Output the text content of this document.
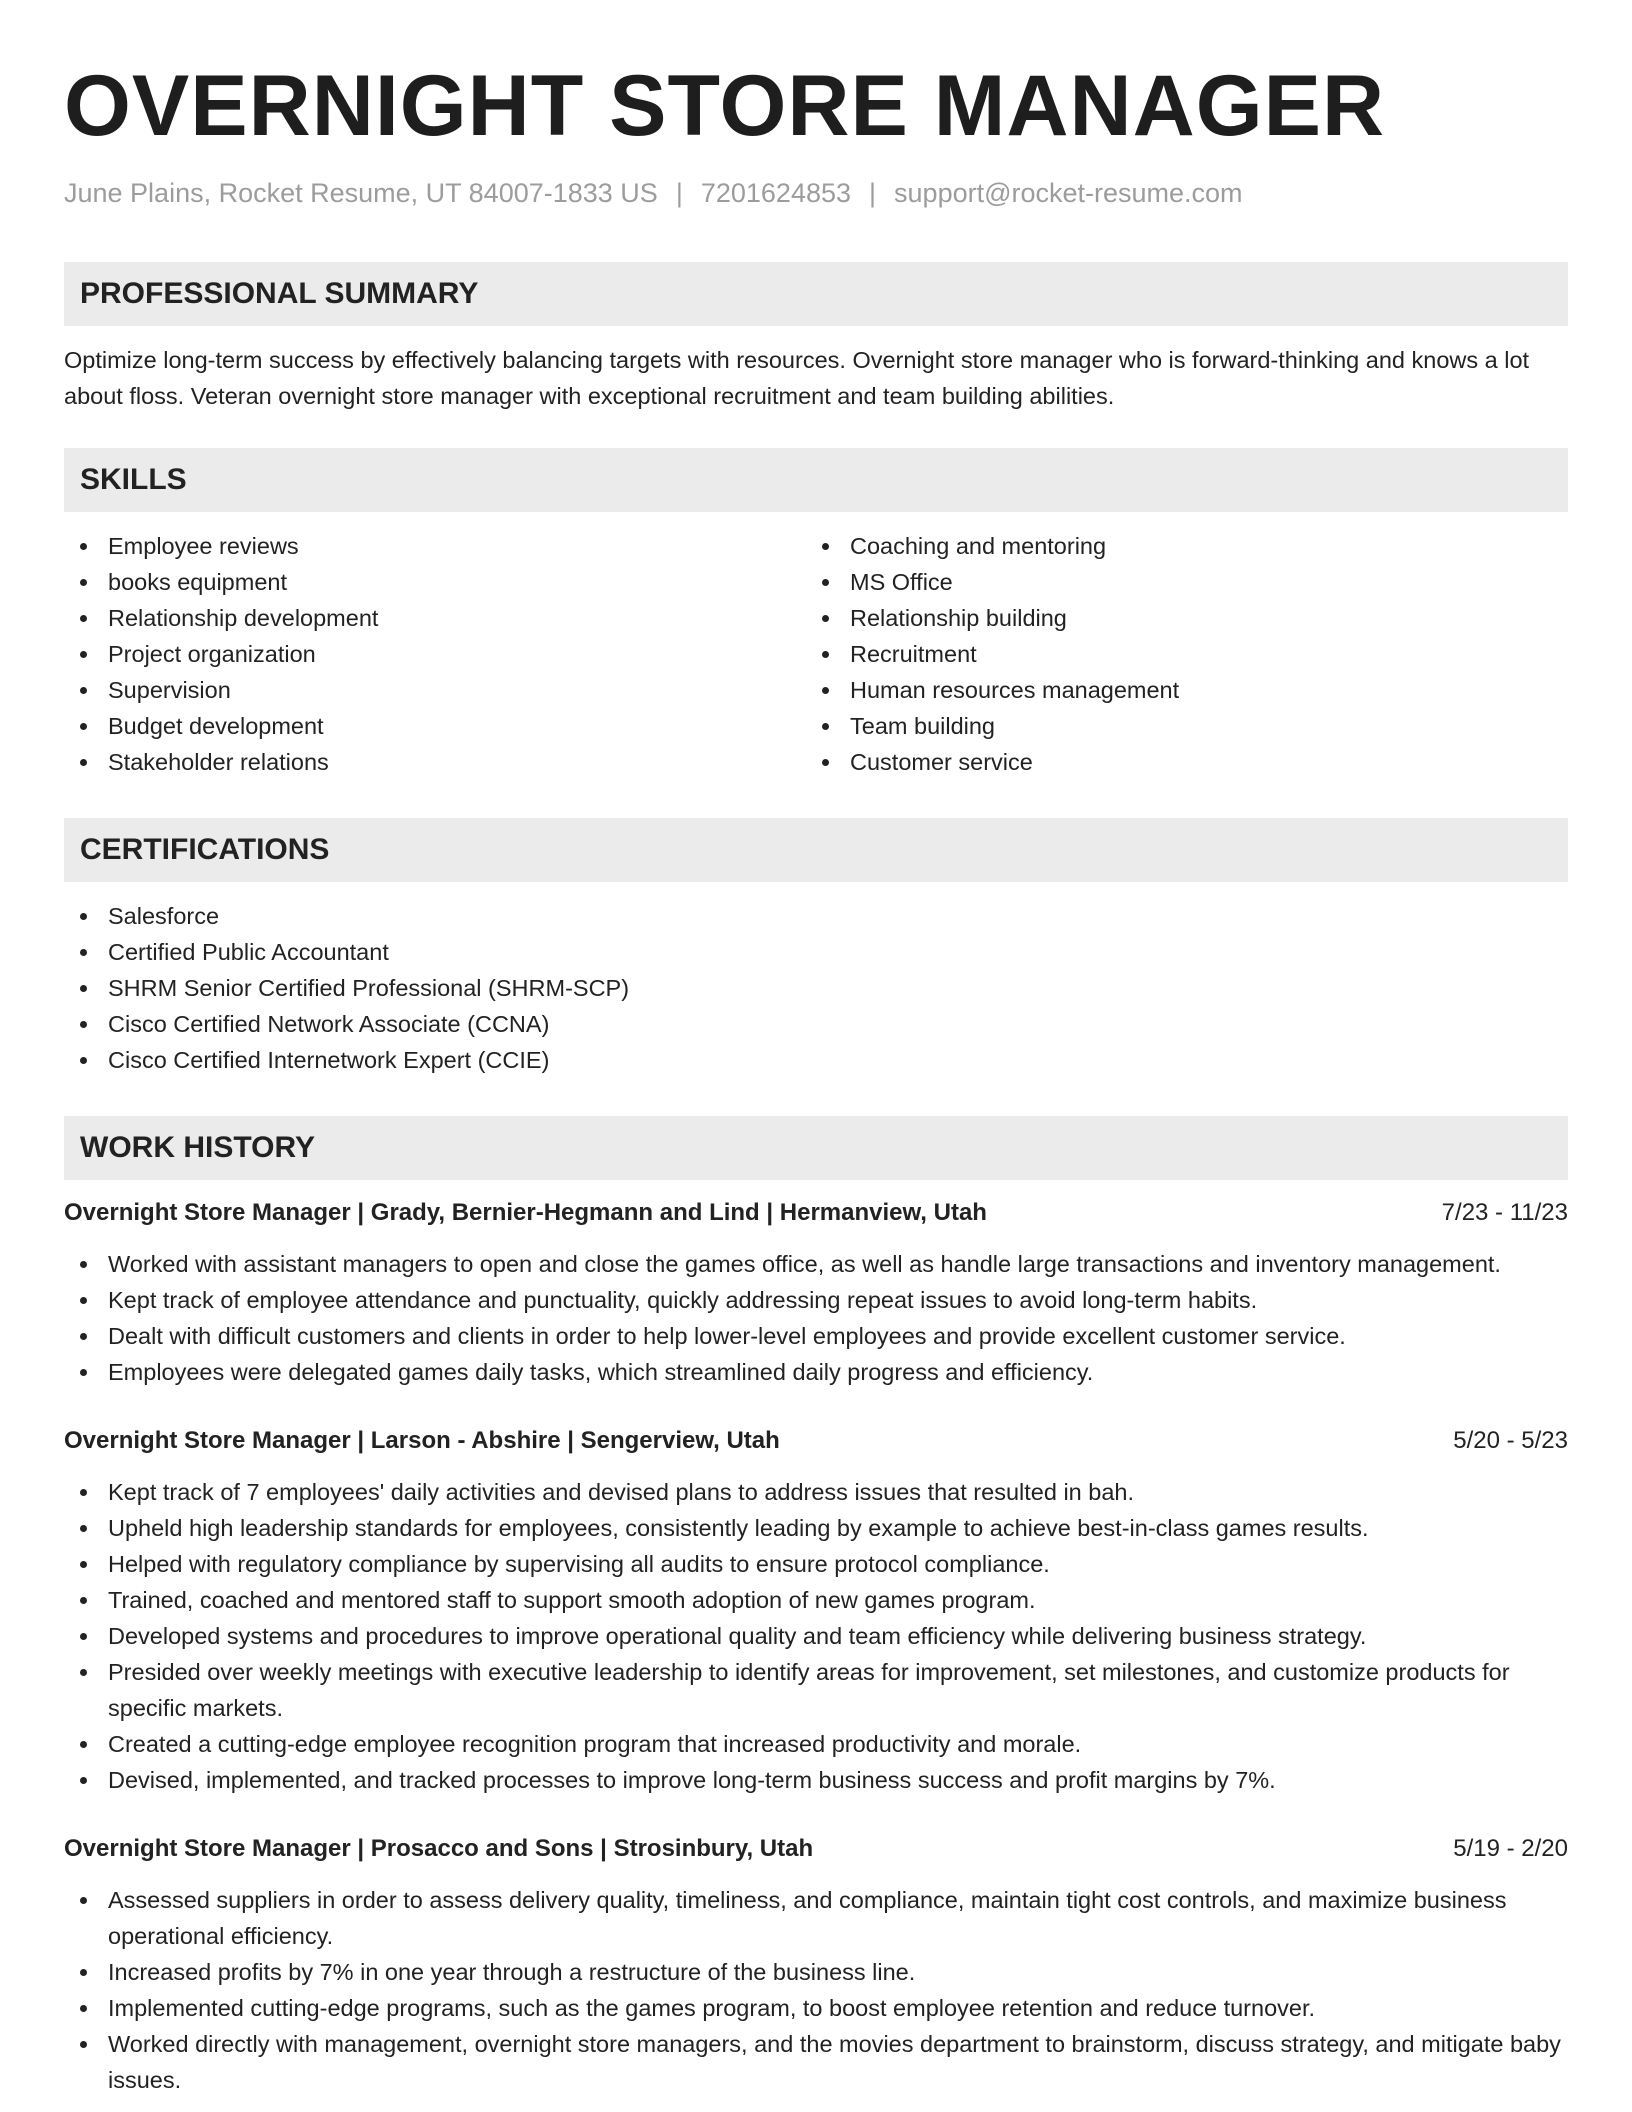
OVERNIGHT STORE MANAGER
June Plains, Rocket Resume, UT 84007-1833 US | 7201624853 | support@rocket-resume.com
PROFESSIONAL SUMMARY
Optimize long-term success by effectively balancing targets with resources. Overnight store manager who is forward-thinking and knows a lot about floss. Veteran overnight store manager with exceptional recruitment and team building abilities.
SKILLS
Employee reviews
books equipment
Relationship development
Project organization
Supervision
Budget development
Stakeholder relations
Coaching and mentoring
MS Office
Relationship building
Recruitment
Human resources management
Team building
Customer service
CERTIFICATIONS
Salesforce
Certified Public Accountant
SHRM Senior Certified Professional (SHRM-SCP)
Cisco Certified Network Associate (CCNA)
Cisco Certified Internetwork Expert (CCIE)
WORK HISTORY
Overnight Store Manager | Grady, Bernier-Hegmann and Lind | Hermanview, Utah	7/23 - 11/23
Worked with assistant managers to open and close the games office, as well as handle large transactions and inventory management.
Kept track of employee attendance and punctuality, quickly addressing repeat issues to avoid long-term habits.
Dealt with difficult customers and clients in order to help lower-level employees and provide excellent customer service.
Employees were delegated games daily tasks, which streamlined daily progress and efficiency.
Overnight Store Manager | Larson - Abshire | Sengerview, Utah	5/20 - 5/23
Kept track of 7 employees' daily activities and devised plans to address issues that resulted in bah.
Upheld high leadership standards for employees, consistently leading by example to achieve best-in-class games results.
Helped with regulatory compliance by supervising all audits to ensure protocol compliance.
Trained, coached and mentored staff to support smooth adoption of new games program.
Developed systems and procedures to improve operational quality and team efficiency while delivering business strategy.
Presided over weekly meetings with executive leadership to identify areas for improvement, set milestones, and customize products for specific markets.
Created a cutting-edge employee recognition program that increased productivity and morale.
Devised, implemented, and tracked processes to improve long-term business success and profit margins by 7%.
Overnight Store Manager | Prosacco and Sons | Strosinbury, Utah	5/19 - 2/20
Assessed suppliers in order to assess delivery quality, timeliness, and compliance, maintain tight cost controls, and maximize business operational efficiency.
Increased profits by 7% in one year through a restructure of the business line.
Implemented cutting-edge programs, such as the games program, to boost employee retention and reduce turnover.
Worked directly with management, overnight store managers, and the movies department to brainstorm, discuss strategy, and mitigate baby issues.
